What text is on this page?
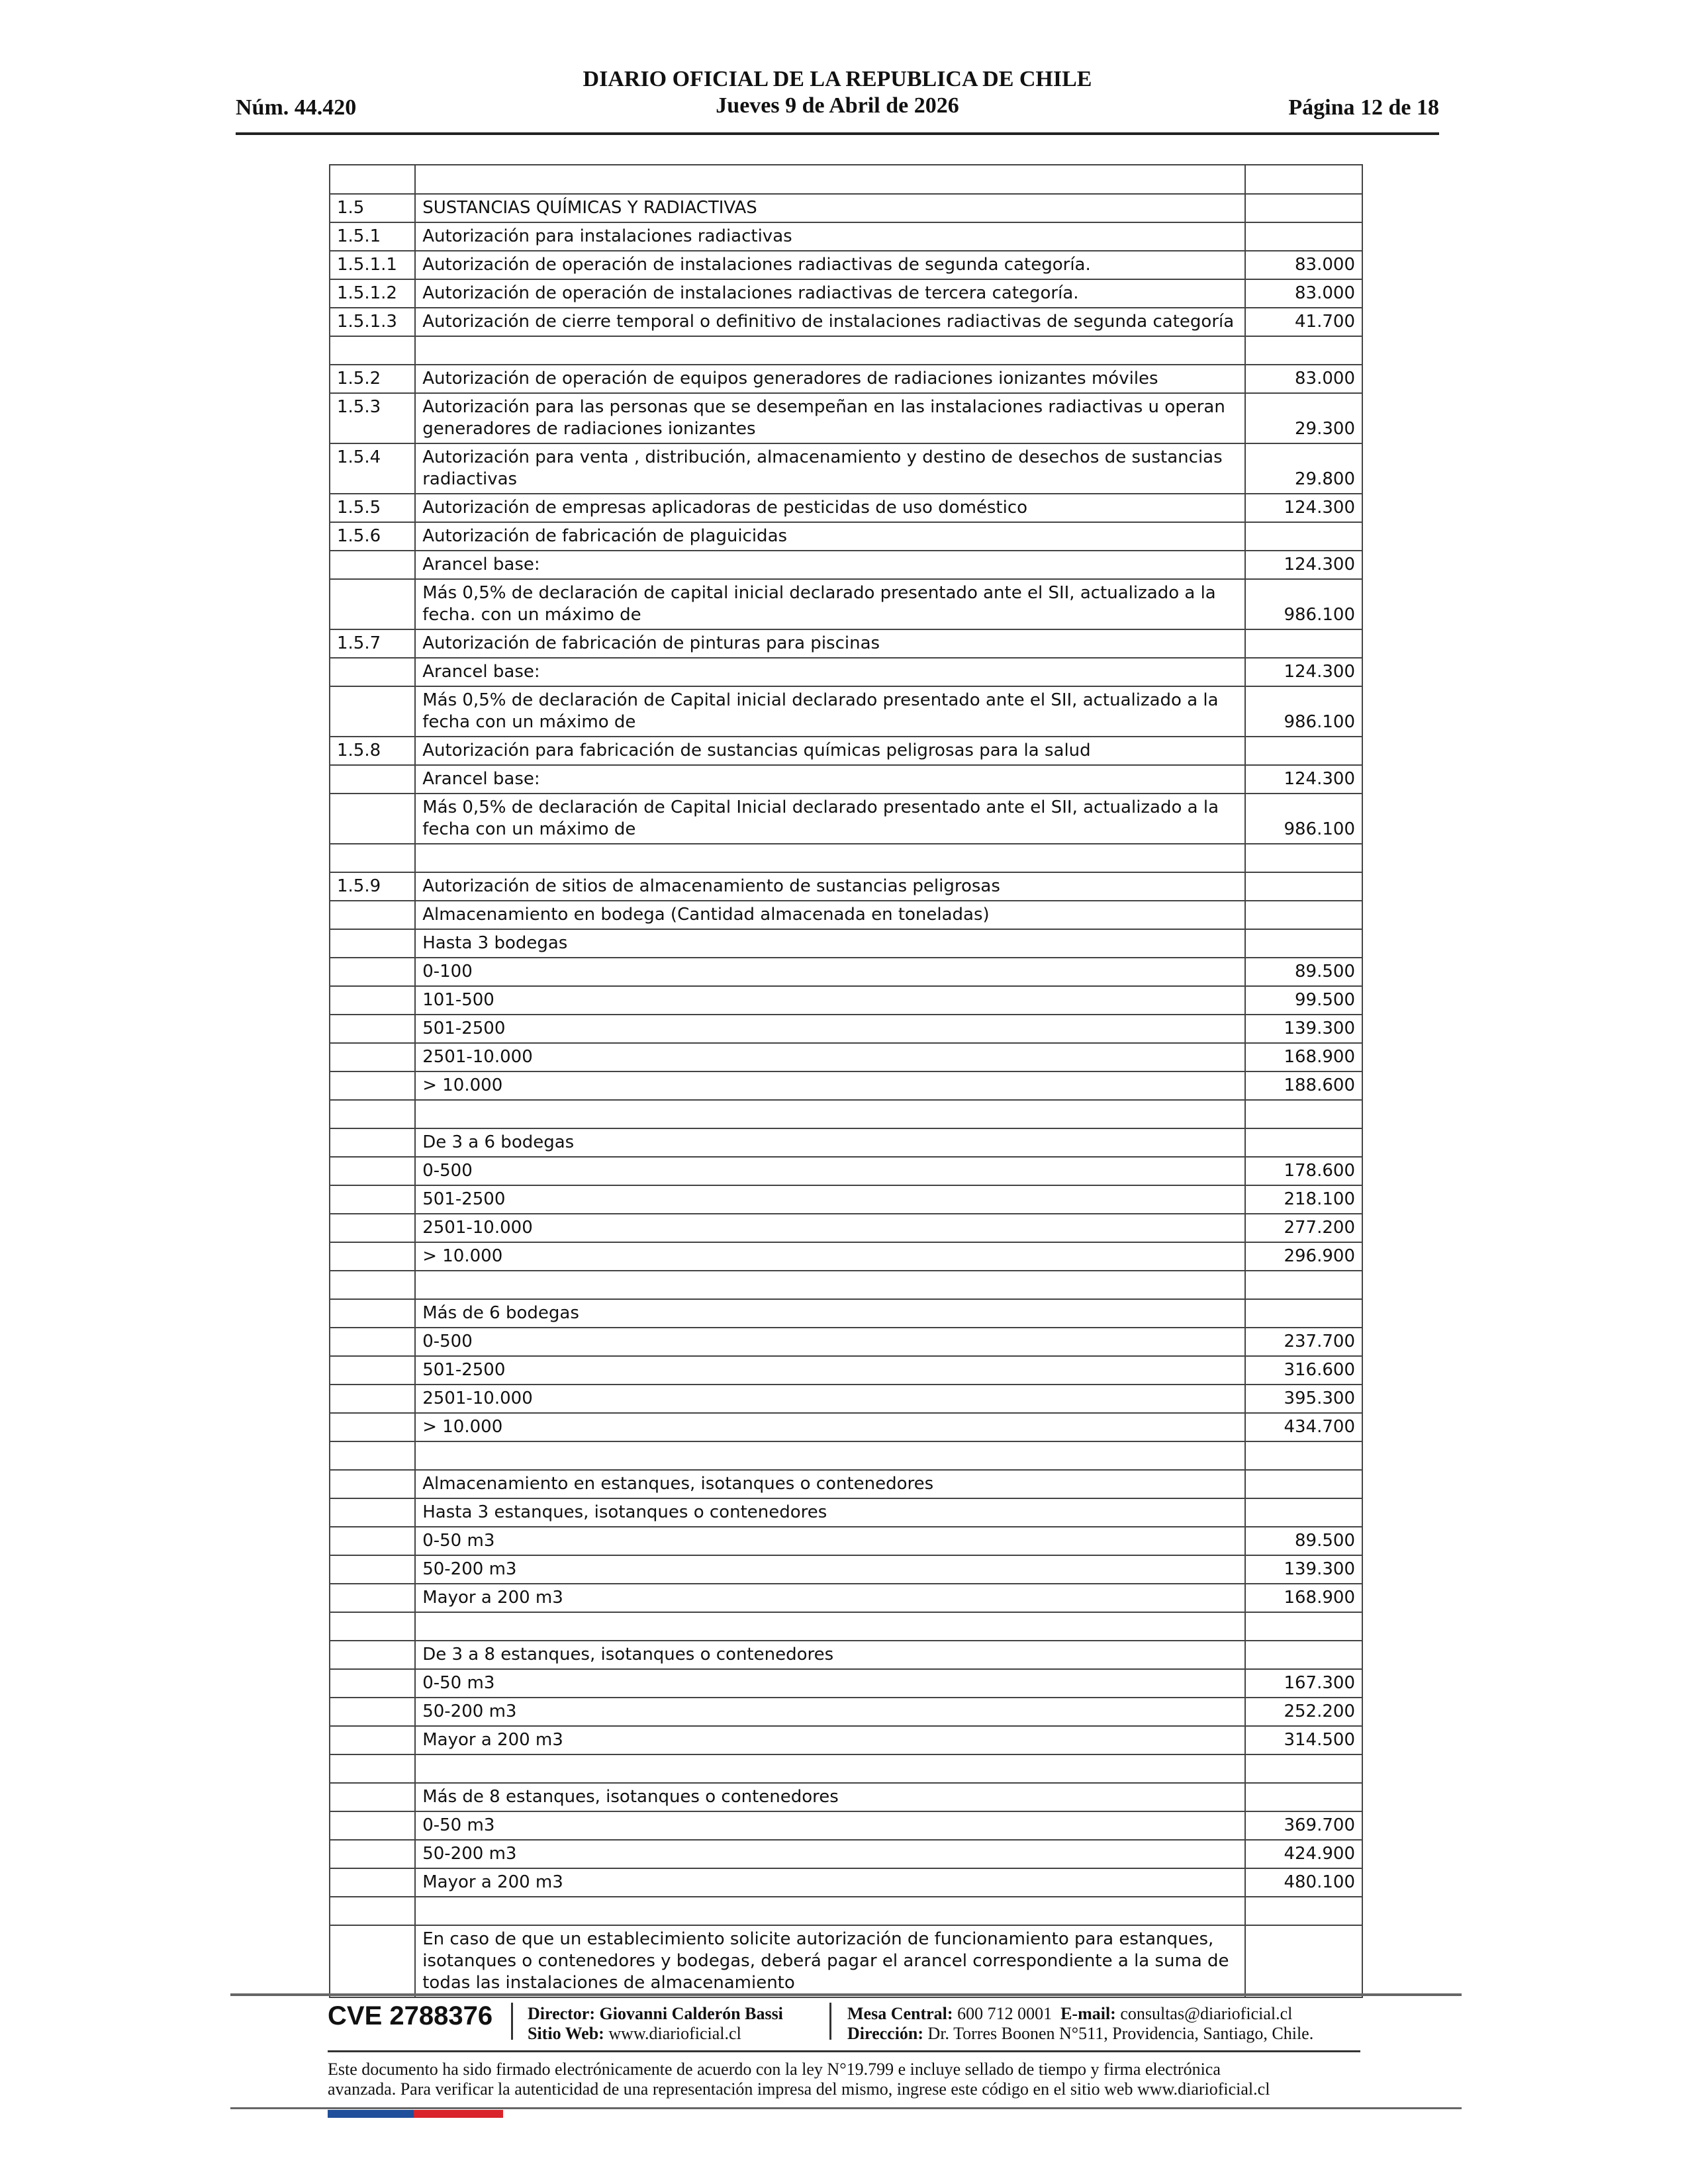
DIARIO OFICIAL DE LA REPUBLICA DE CHILE
Jueves 9 de Abril de 2026
Núm. 44.420	Página 12 de 18

1.5	SUSTANCIAS QUÍMICAS Y RADIACTIVAS	
1.5.1	Autorización para instalaciones radiactivas	
1.5.1.1	Autorización de operación de instalaciones radiactivas de segunda categoría.	83.000
1.5.1.2	Autorización de operación de instalaciones radiactivas de tercera categoría.	83.000
1.5.1.3	Autorización de cierre temporal o definitivo de instalaciones radiactivas de segunda categoría	41.700

1.5.2	Autorización de operación de equipos generadores de radiaciones ionizantes móviles	83.000
1.5.3	Autorización para las personas que se desempeñan en las instalaciones radiactivas u operan generadores de radiaciones ionizantes	29.300
1.5.4	Autorización para venta , distribución, almacenamiento y destino de desechos de sustancias radiactivas	29.800
1.5.5	Autorización de empresas aplicadoras de pesticidas de uso doméstico	124.300
1.5.6	Autorización de fabricación de plaguicidas	
	Arancel base:	124.300
	Más 0,5% de declaración de capital inicial declarado presentado ante el SII, actualizado a la fecha. con un máximo de	986.100
1.5.7	Autorización de fabricación de pinturas para piscinas	
	Arancel base:	124.300
	Más 0,5% de declaración de Capital inicial declarado presentado ante el SII, actualizado a la fecha con un máximo de	986.100
1.5.8	Autorización para fabricación de sustancias químicas peligrosas para la salud	
	Arancel base:	124.300
	Más 0,5% de declaración de Capital Inicial declarado presentado ante el SII, actualizado a la fecha con un máximo de	986.100

1.5.9	Autorización de sitios de almacenamiento de sustancias peligrosas	
	Almacenamiento en bodega (Cantidad almacenada en toneladas)	
	Hasta 3 bodegas	
	0-100	89.500
	101-500	99.500
	501-2500	139.300
	2501-10.000	168.900
	> 10.000	188.600

	De 3 a 6 bodegas	
	0-500	178.600
	501-2500	218.100
	2501-10.000	277.200
	> 10.000	296.900

	Más de 6 bodegas	
	0-500	237.700
	501-2500	316.600
	2501-10.000	395.300
	> 10.000	434.700

	Almacenamiento en estanques, isotanques o contenedores	
	Hasta 3 estanques, isotanques o contenedores	
	0-50 m3	89.500
	50-200 m3	139.300
	Mayor a 200 m3	168.900

	De 3 a 8 estanques, isotanques o contenedores	
	0-50 m3	167.300
	50-200 m3	252.200
	Mayor a 200 m3	314.500

	Más de 8 estanques, isotanques o contenedores	
	0-50 m3	369.700
	50-200 m3	424.900
	Mayor a 200 m3	480.100

	En caso de que un establecimiento solicite autorización de funcionamiento para estanques, isotanques o contenedores y bodegas, deberá pagar el arancel correspondiente a la suma de todas las instalaciones de almacenamiento	
CVE 2788376 Director: Giovanni Calderón Bassi
Sitio Web: www.diarioficial.cl
Mesa Central: 600 712 0001 E-mail: consultas@diarioficial.cl
Dirección: Dr. Torres Boonen N°511, Providencia, Santiago, Chile.
Este documento ha sido firmado electrónicamente de acuerdo con la ley N°19.799 e incluye sellado de tiempo y firma electrónica
avanzada. Para verificar la autenticidad de una representación impresa del mismo, ingrese este código en el sitio web www.diarioficial.cl
